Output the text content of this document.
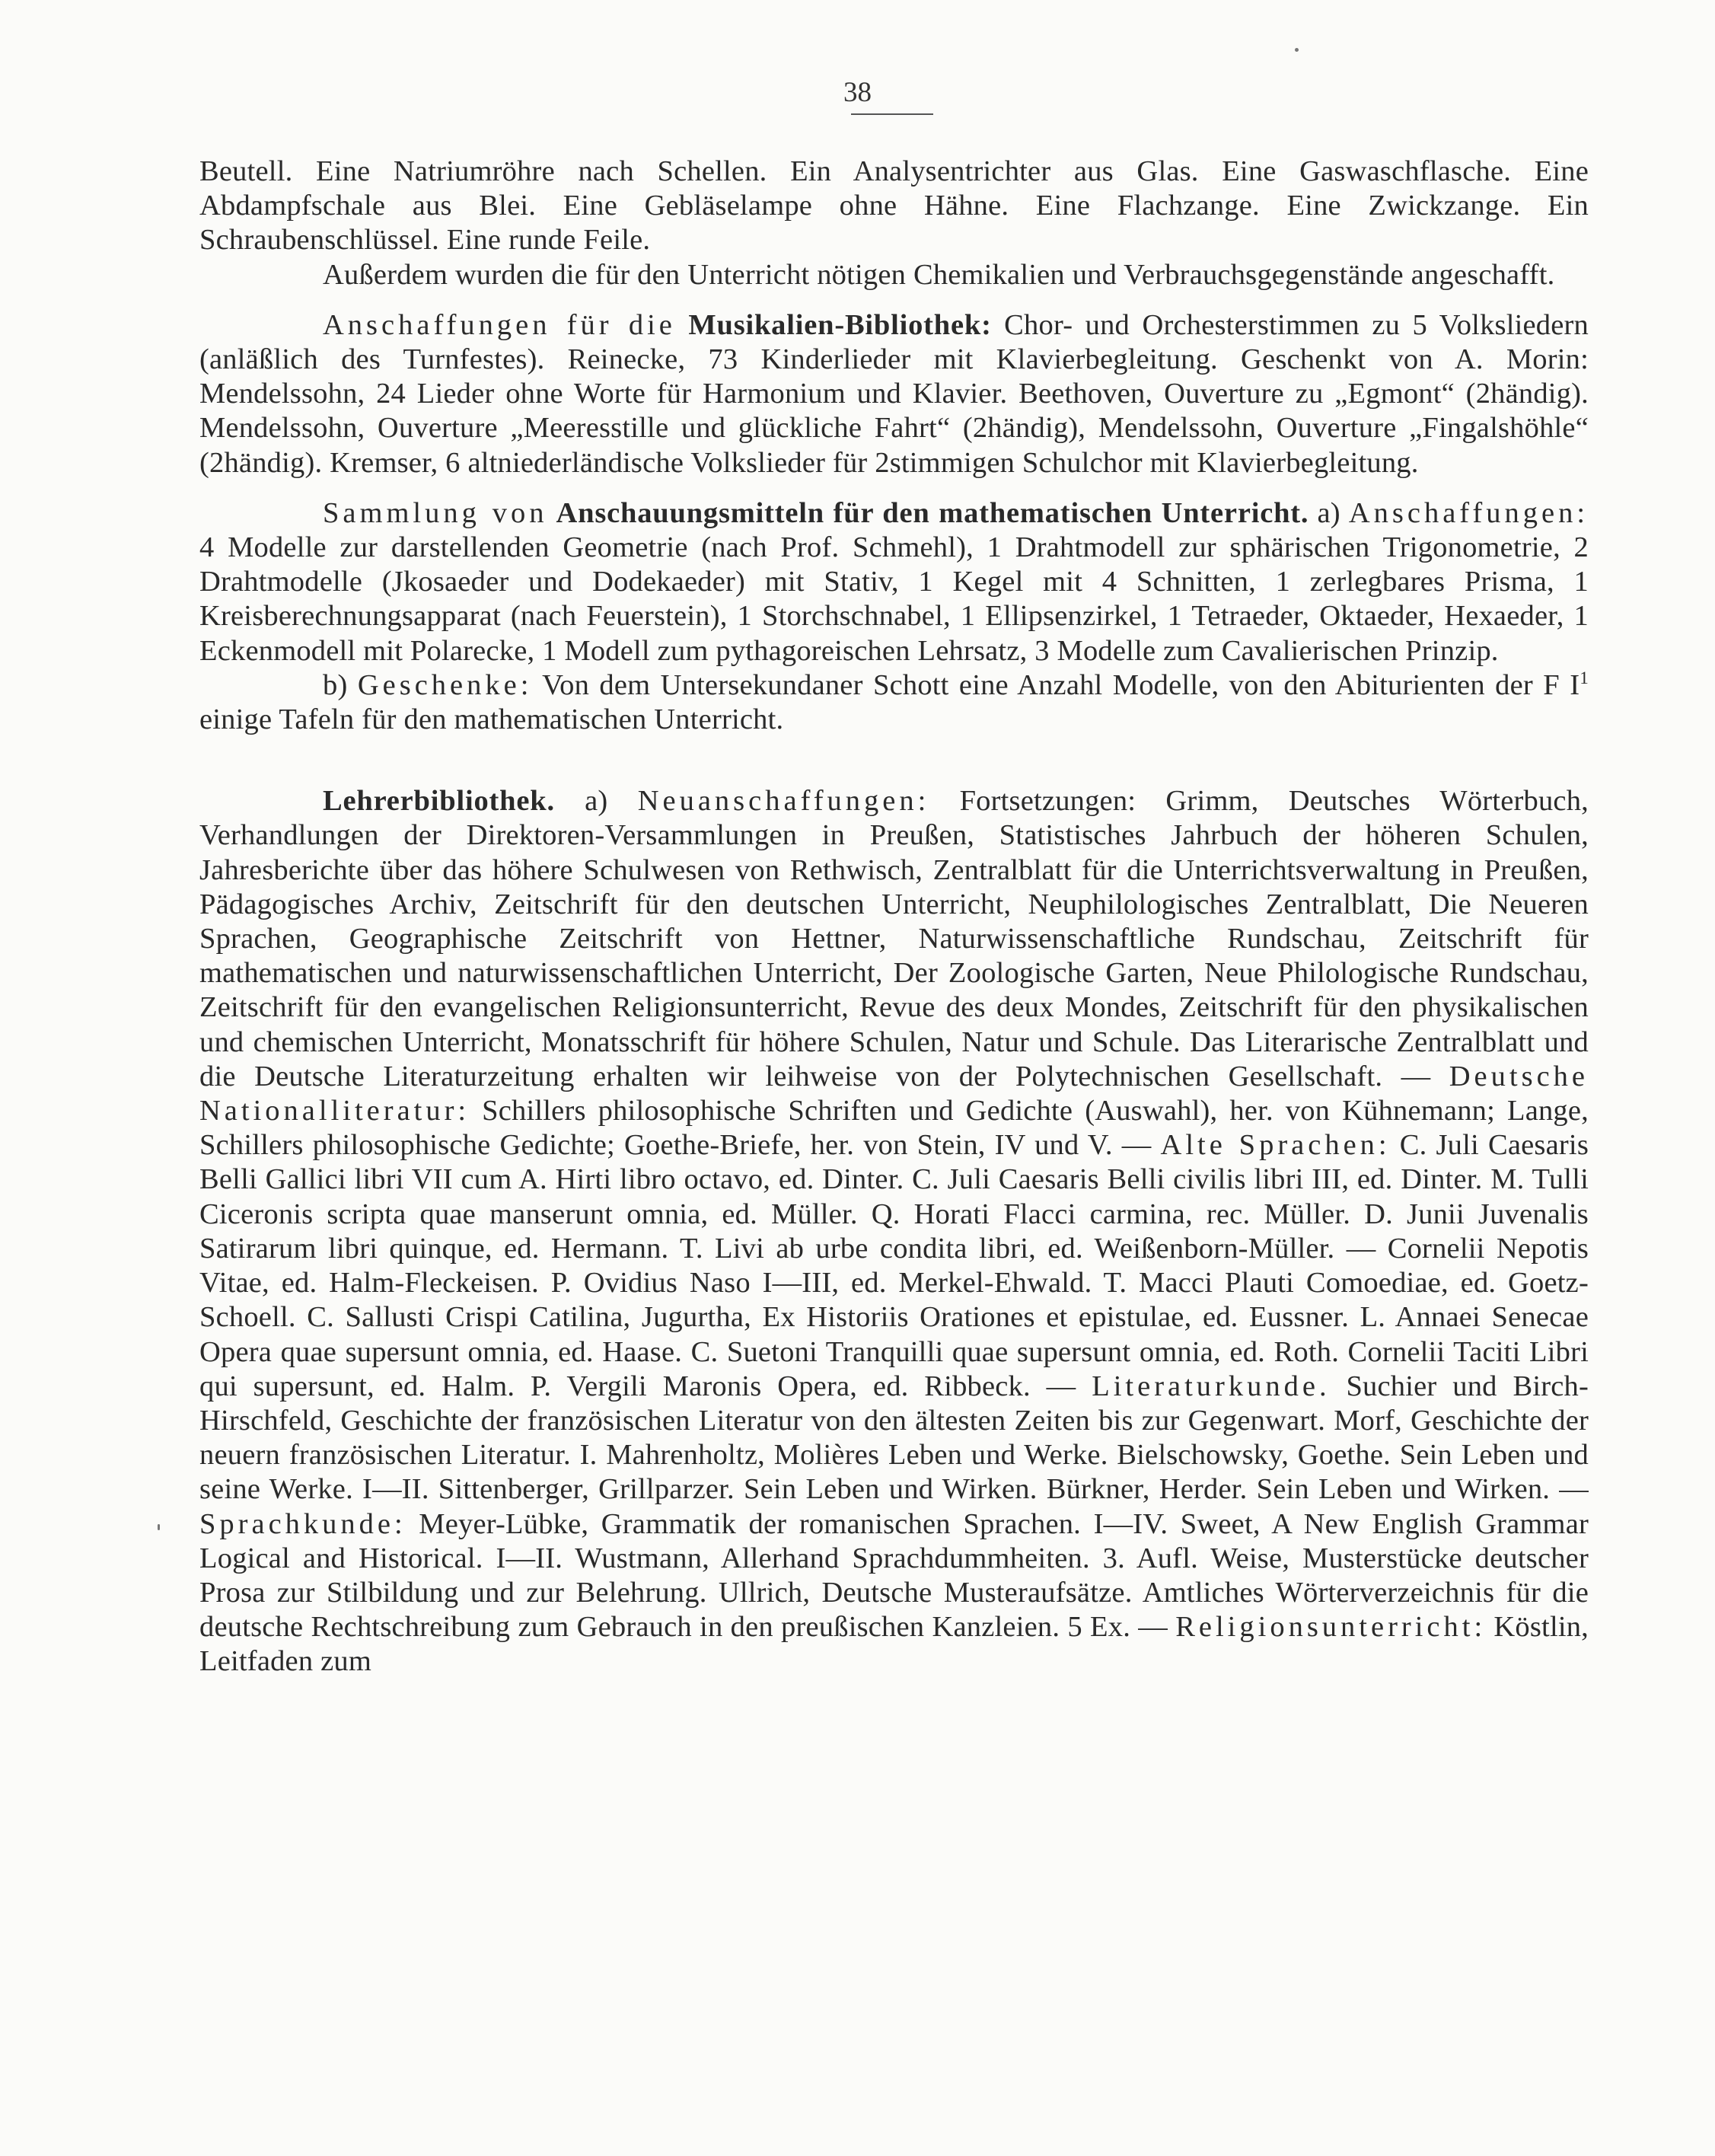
38

Beutell. Eine Natriumröhre nach Schellen. Ein Analysentrichter aus Glas. Eine Gaswaschflasche. Eine Abdampfschale aus Blei. Eine Gebläselampe ohne Hähne. Eine Flachzange. Eine Zwickzange. Ein Schraubenschlüssel. Eine runde Feile.

Außerdem wurden die für den Unterricht nötigen Chemikalien und Verbrauchsgegenstände angeschafft.

Anschaffungen für die Musikalien-Bibliothek: Chor- und Orchesterstimmen zu 5 Volksliedern (anläßlich des Turnfestes). Reinecke, 73 Kinderlieder mit Klavierbegleitung. Geschenkt von A. Morin: Mendelssohn, 24 Lieder ohne Worte für Harmonium und Klavier. Beethoven, Ouverture zu „Egmont“ (2händig). Mendelssohn, Ouverture „Meeresstille und glückliche Fahrt“ (2händig), Mendelssohn, Ouverture „Fingalshöhle“ (2händig). Kremser, 6 altniederländische Volkslieder für 2stimmigen Schulchor mit Klavierbegleitung.

Sammlung von Anschauungsmitteln für den mathematischen Unterricht. a) Anschaffungen: 4 Modelle zur darstellenden Geometrie (nach Prof. Schmehl), 1 Drahtmodell zur sphärischen Trigonometrie, 2 Drahtmodelle (Jkosaeder und Dodekaeder) mit Stativ, 1 Kegel mit 4 Schnitten, 1 zerlegbares Prisma, 1 Kreisberechnungsapparat (nach Feuerstein), 1 Storchschnabel, 1 Ellipsenzirkel, 1 Tetraeder, Oktaeder, Hexaeder, 1 Eckenmodell mit Polarecke, 1 Modell zum pythagoreischen Lehrsatz, 3 Modelle zum Cavalierischen Prinzip.

b) Geschenke: Von dem Untersekundaner Schott eine Anzahl Modelle, von den Abiturienten der F $I^1$ einige Tafeln für den mathematischen Unterricht.

Lehrerbibliothek. a) Neuanschaffungen: Fortsetzungen: Grimm, Deutsches Wörterbuch, Verhandlungen der Direktoren-Versammlungen in Preußen, Statistisches Jahrbuch der höheren Schulen, Jahresberichte über das höhere Schulwesen von Rethwisch, Zentralblatt für die Unterrichtsverwaltung in Preußen, Pädagogisches Archiv, Zeitschrift für den deutschen Unterricht, Neuphilologisches Zentralblatt, Die Neueren Sprachen, Geographische Zeitschrift von Hettner, Naturwissenschaftliche Rundschau, Zeitschrift für mathematischen und naturwissenschaftlichen Unterricht, Der Zoologische Garten, Neue Philologische Rundschau, Zeitschrift für den evangelischen Religionsunterricht, Revue des deux Mondes, Zeitschrift für den physikalischen und chemischen Unterricht, Monatsschrift für höhere Schulen, Natur und Schule. Das Literarische Zentralblatt und die Deutsche Literaturzeitung erhalten wir leihweise von der Polytechnischen Gesellschaft. — Deutsche Nationalliteratur: Schillers philosophische Schriften und Gedichte (Auswahl), her. von Kühnemann; Lange, Schillers philosophische Gedichte; Goethe-Briefe, her. von Stein, IV und V. — Alte Sprachen: C. Juli Caesaris Belli Gallici libri VII cum A. Hirti libro octavo, ed. Dinter. C. Juli Caesaris Belli civilis libri III, ed. Dinter. M. Tulli Ciceronis scripta quae manserunt omnia, ed. Müller. Q. Horati Flacci carmina, rec. Müller. D. Junii Juvenalis Satirarum libri quinque, ed. Hermann. T. Livi ab urbe condita libri, ed. Weißenborn-Müller. — Cornelii Nepotis Vitae, ed. Halm-Fleckeisen. P. Ovidius Naso I—III, ed. Merkel-Ehwald. T. Macci Plauti Comoediae, ed. Goetz-Schoell. C. Sallusti Crispi Catilina, Jugurtha, Ex Historiis Orationes et epistulae, ed. Eussner. L. Annaei Senecae Opera quae supersunt omnia, ed. Haase. C. Suetoni Tranquilli quae supersunt omnia, ed. Roth. Cornelii Taciti Libri qui supersunt, ed. Halm. P. Vergili Maronis Opera, ed. Ribbeck. — Literaturkunde. Suchier und Birch-Hirschfeld, Geschichte der französischen Literatur von den ältesten Zeiten bis zur Gegenwart. Morf, Geschichte der neuern französischen Literatur. I. Mahrenholtz, Molières Leben und Werke. Bielschowsky, Goethe. Sein Leben und seine Werke. I—II. Sittenberger, Grillparzer. Sein Leben und Wirken. Bürkner, Herder. Sein Leben und Wirken. — Sprachkunde: Meyer-Lübke, Grammatik der romanischen Sprachen. I—IV. Sweet, A New English Grammar Logical and Historical. I—II. Wustmann, Allerhand Sprachdummheiten. 3. Aufl. Weise, Musterstücke deutscher Prosa zur Stilbildung und zur Belehrung. Ullrich, Deutsche Musteraufsätze. Amtliches Wörterverzeichnis für die deutsche Rechtschreibung zum Gebrauch in den preußischen Kanzleien. 5 Ex. — Religionsunterricht: Köstlin, Leitfaden zum
